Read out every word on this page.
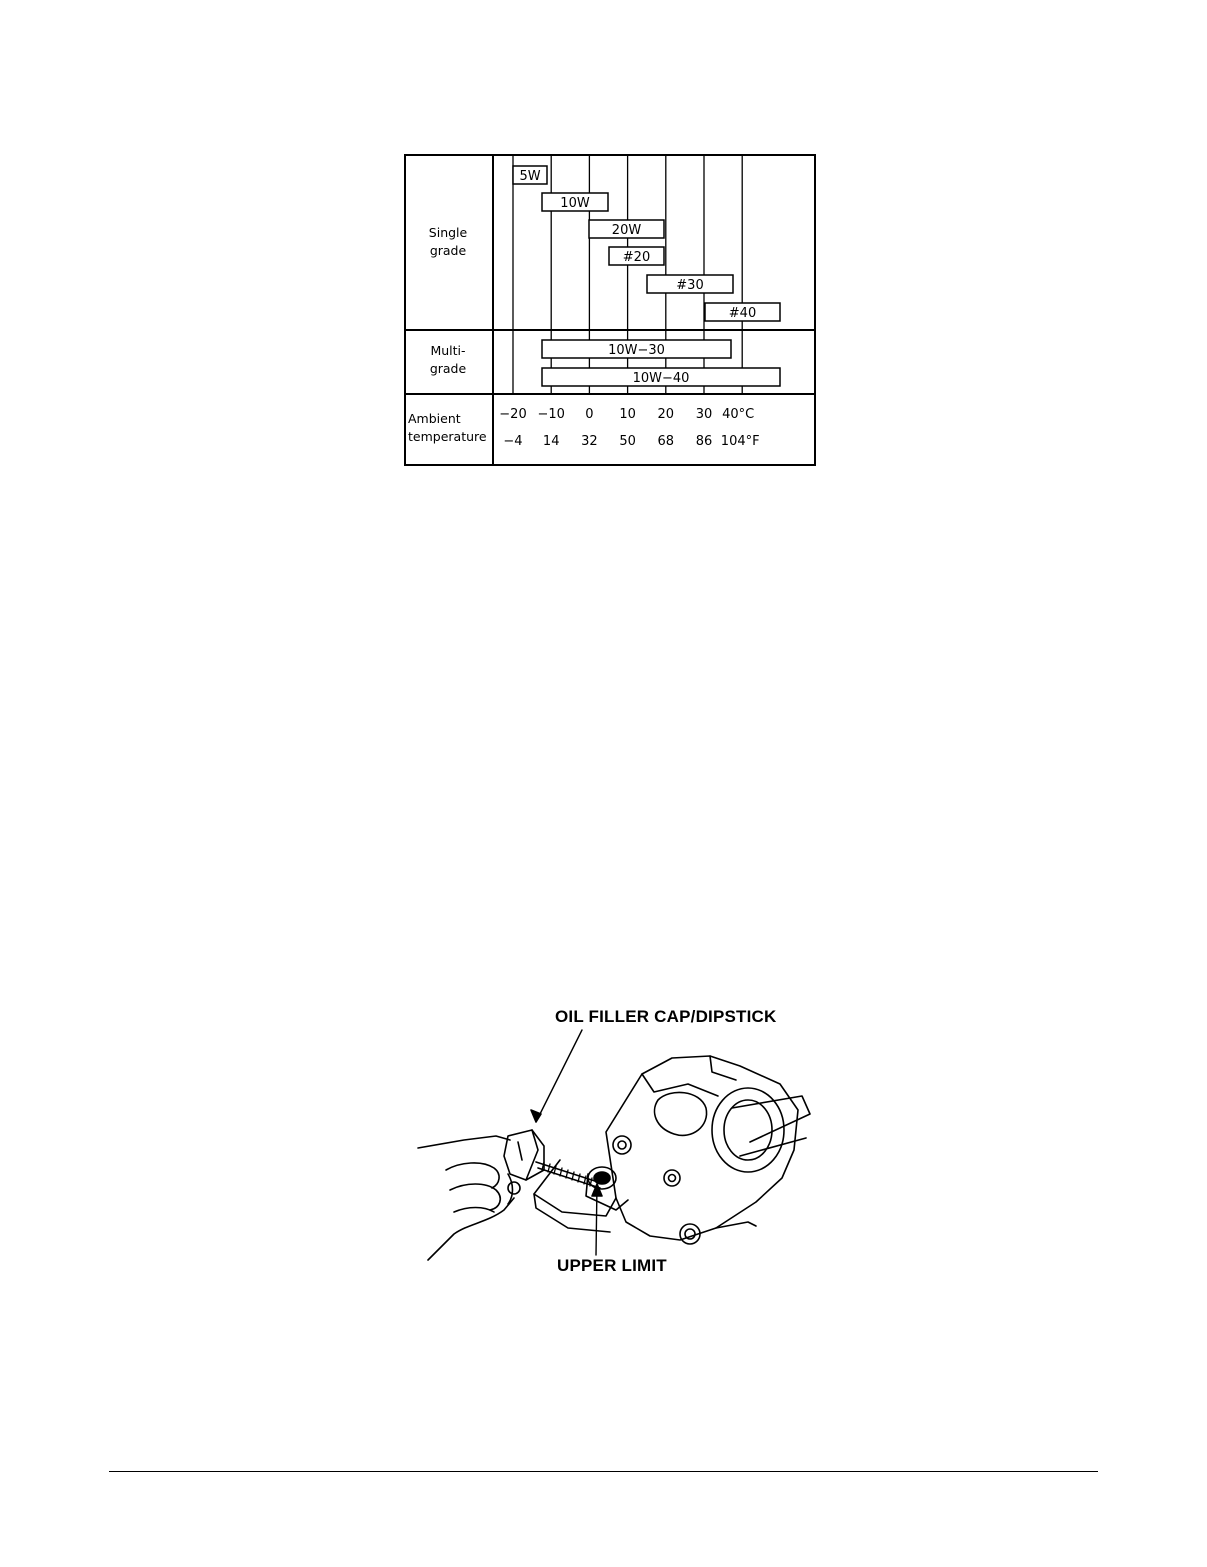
5W
10W
20W
#20
#30
#40
10W−30
10W−40
Single
grade
Multi-
grade
Ambient
temperature
−20 −10 0 10 20 30 40°C
−4 14 32 50 68 86 104°F

OIL FILLER CAP/DIPSTICK

UPPER LIMIT
